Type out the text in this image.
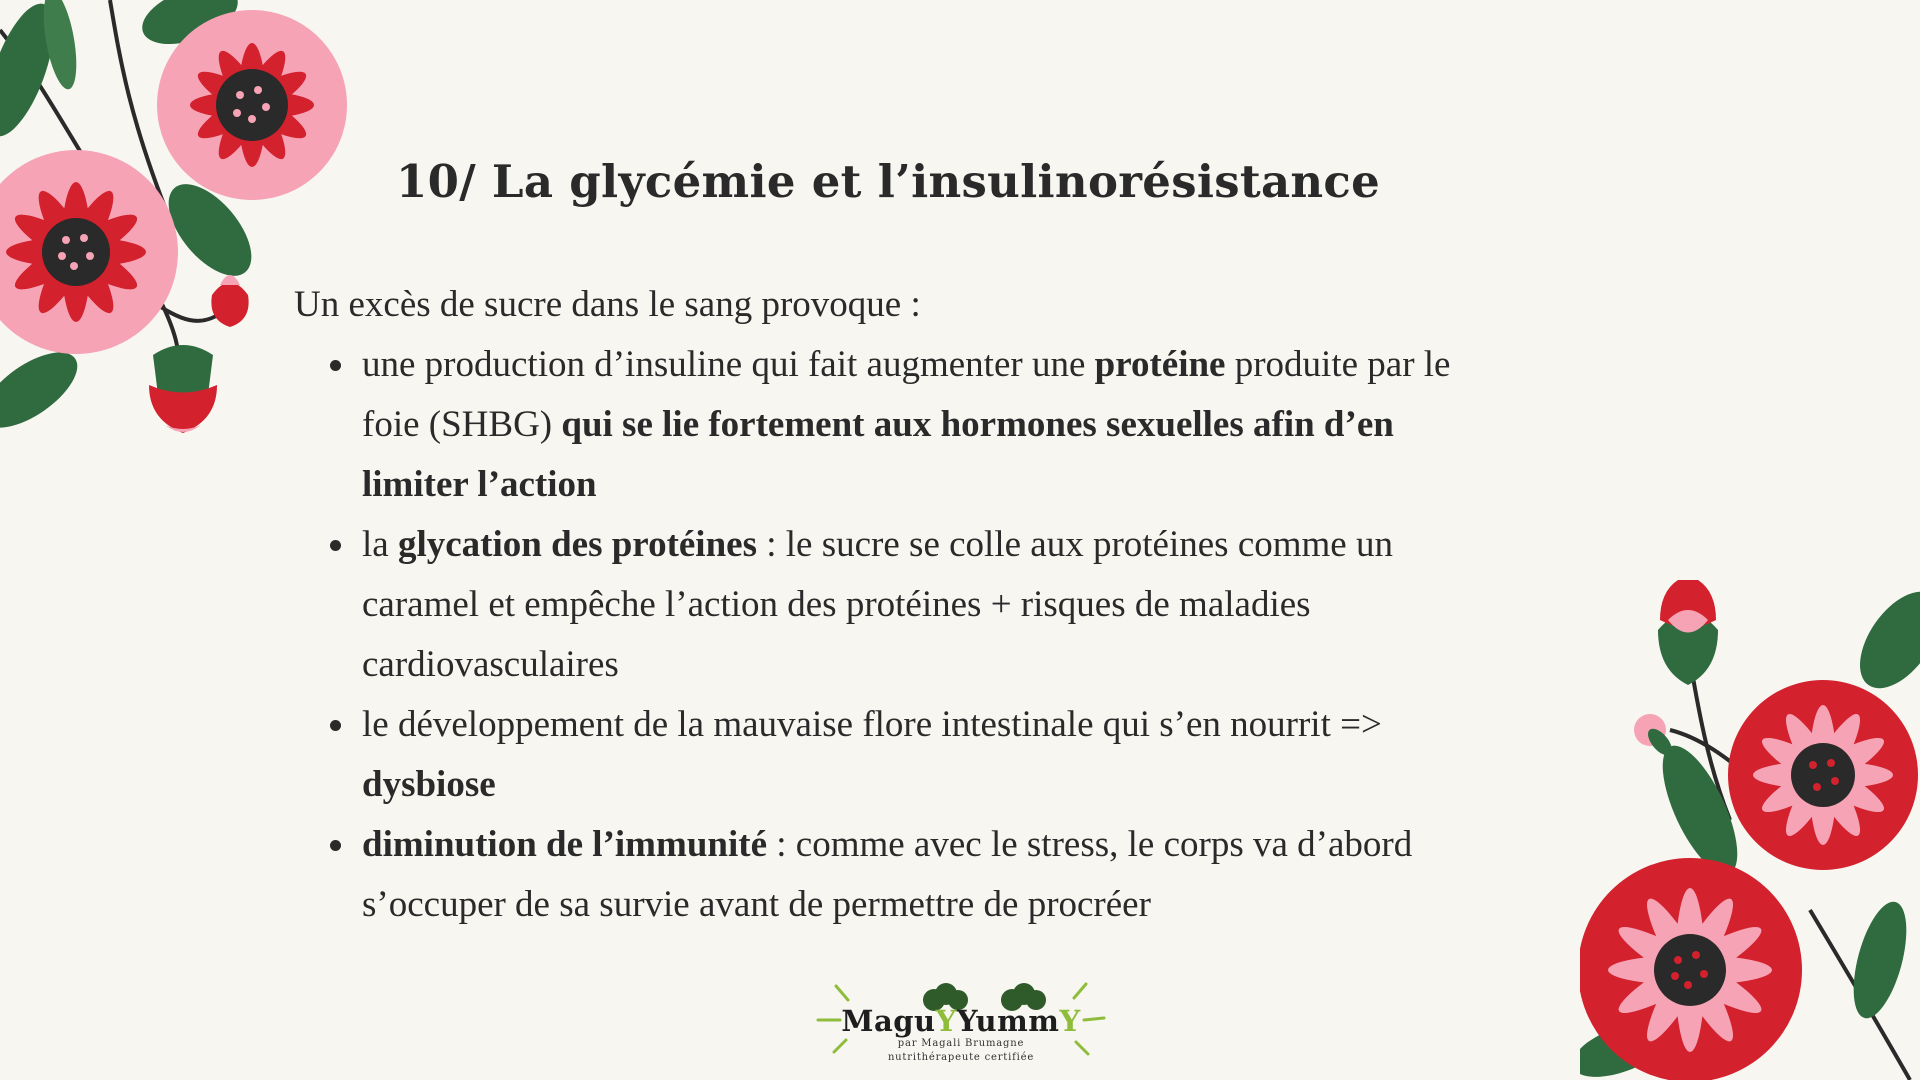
10/ La glycémie et l’insulinorésistance

Un excès de sucre dans le sang provoque :

une production d’insuline qui fait augmenter une protéine produite par le foie (SHBG) qui se lie fortement aux hormones sexuelles afin d’en limiter l’action
la glycation des protéines : le sucre se colle aux protéines comme un caramel et empêche l’action des protéines + risques de maladies cardiovasculaires
le développement de la mauvaise flore intestinale qui s’en nourrit => dysbiose
diminution de l’immunité : comme avec le stress, le corps va d’abord s’occuper de sa survie avant de permettre de procréer
MaguYYummY
par Magali Brumagne
nutrithérapeute certifiée
